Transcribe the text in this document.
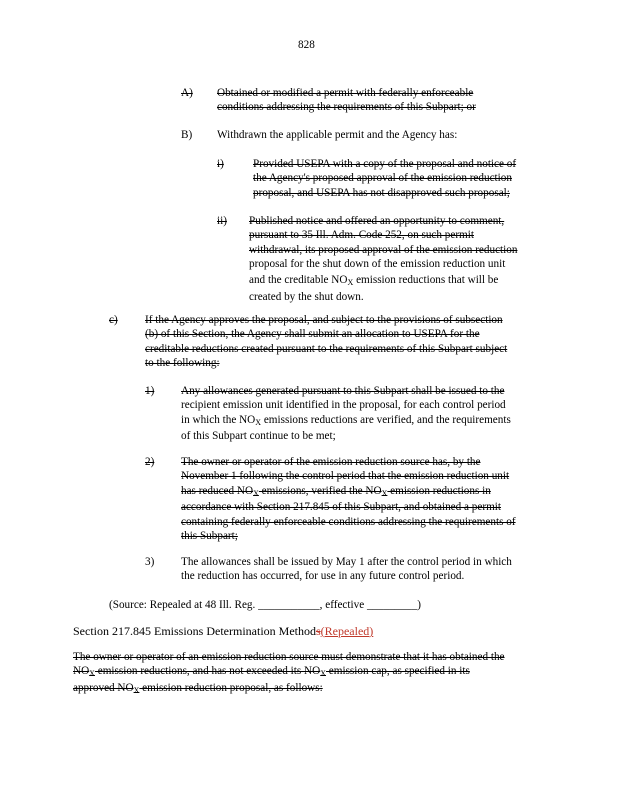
828
A) Obtained or modified a permit with federally enforceable

conditions addressing the requirements of this Subpart; or

B) Withdrawn the applicable permit and the Agency has:
i)	Provided USEPA with a copy of the proposal and notice of

the Agency's proposed approval of the emission reduction

proposal, and USEPA has not disapproved such proposal;

ii) Published notice and offered an opportunity to comment,

pursuant to 35 Ill. Adm. Code 252, on such permit

withdrawal, its proposed approval of the emission reduction

proposal for the shut down of the emission reduction unit

and the creditable NOX emission reductions that will be

created by the shut down.

c) If the Agency approves the proposal, and subject to the provisions of subsection

(b) of this Section, the Agency shall submit an allocation to USEPA for the

creditable reductions created pursuant to the requirements of this Subpart subject

to the following:

1) Any allowances generated pursuant to this Subpart shall be issued to the

recipient emission unit identified in the proposal, for each control period

in which the NOX emissions reductions are verified, and the requirements

of this Subpart continue to be met;

2) The owner or operator of the emission reduction source has, by the

November 1 following the control period that the emission reduction unit

has reduced NOX emissions, verified the NOX emission reductions in

accordance with Section 217.845 of this Subpart, and obtained a permit

containing federally enforceable conditions addressing the requirements of

this Subpart;

3) The allowances shall be issued by May 1 after the control period in which

the reduction has occurred, for use in any future control period.

(Source: Repealed at 48 Ill. Reg. ___________, effective _________)
Section 217.845 Emissions Determination Methods(Repealed)

The owner or operator of an emission reduction source must demonstrate that it has obtained the

NOX emission reductions, and has not exceeded its NOX emission cap, as specified in its

approved NOX emission reduction proposal, as follows:
